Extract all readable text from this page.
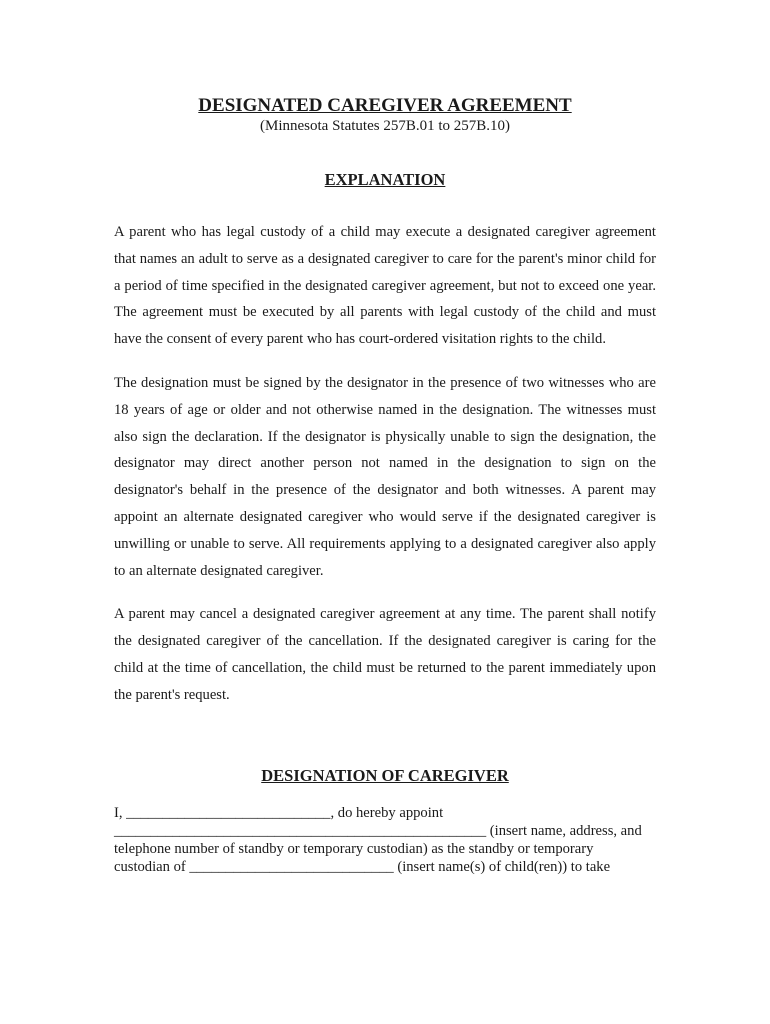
DESIGNATED CAREGIVER AGREEMENT

(Minnesota Statutes 257B.01 to 257B.10)

EXPLANATION

A parent who has legal custody of a child may execute a designated caregiver agreement that names an adult to serve as a designated caregiver to care for the parent's minor child for a period of time specified in the designated caregiver agreement, but not to exceed one year. The agreement must be executed by all parents with legal custody of the child and must have the consent of every parent who has court-ordered visitation rights to the child.

The designation must be signed by the designator in the presence of two witnesses who are 18 years of age or older and not otherwise named in the designation. The witnesses must also sign the declaration. If the designator is physically unable to sign the designation, the designator may direct another person not named in the designation to sign on the designator's behalf in the presence of the designator and both witnesses. A parent may appoint an alternate designated caregiver who would serve if the designated caregiver is unwilling or unable to serve. All requirements applying to a designated caregiver also apply to an alternate designated caregiver.

A parent may cancel a designated caregiver agreement at any time. The parent shall notify the designated caregiver of the cancellation. If the designated caregiver is caring for the child at the time of cancellation, the child must be returned to the parent immediately upon the parent's request.

DESIGNATION OF CAREGIVER

I, ____________________________, do hereby appoint
___________________________________________________ (insert name, address, and
telephone number of standby or temporary custodian) as the standby or temporary
custodian of ____________________________ (insert name(s) of child(ren)) to take
